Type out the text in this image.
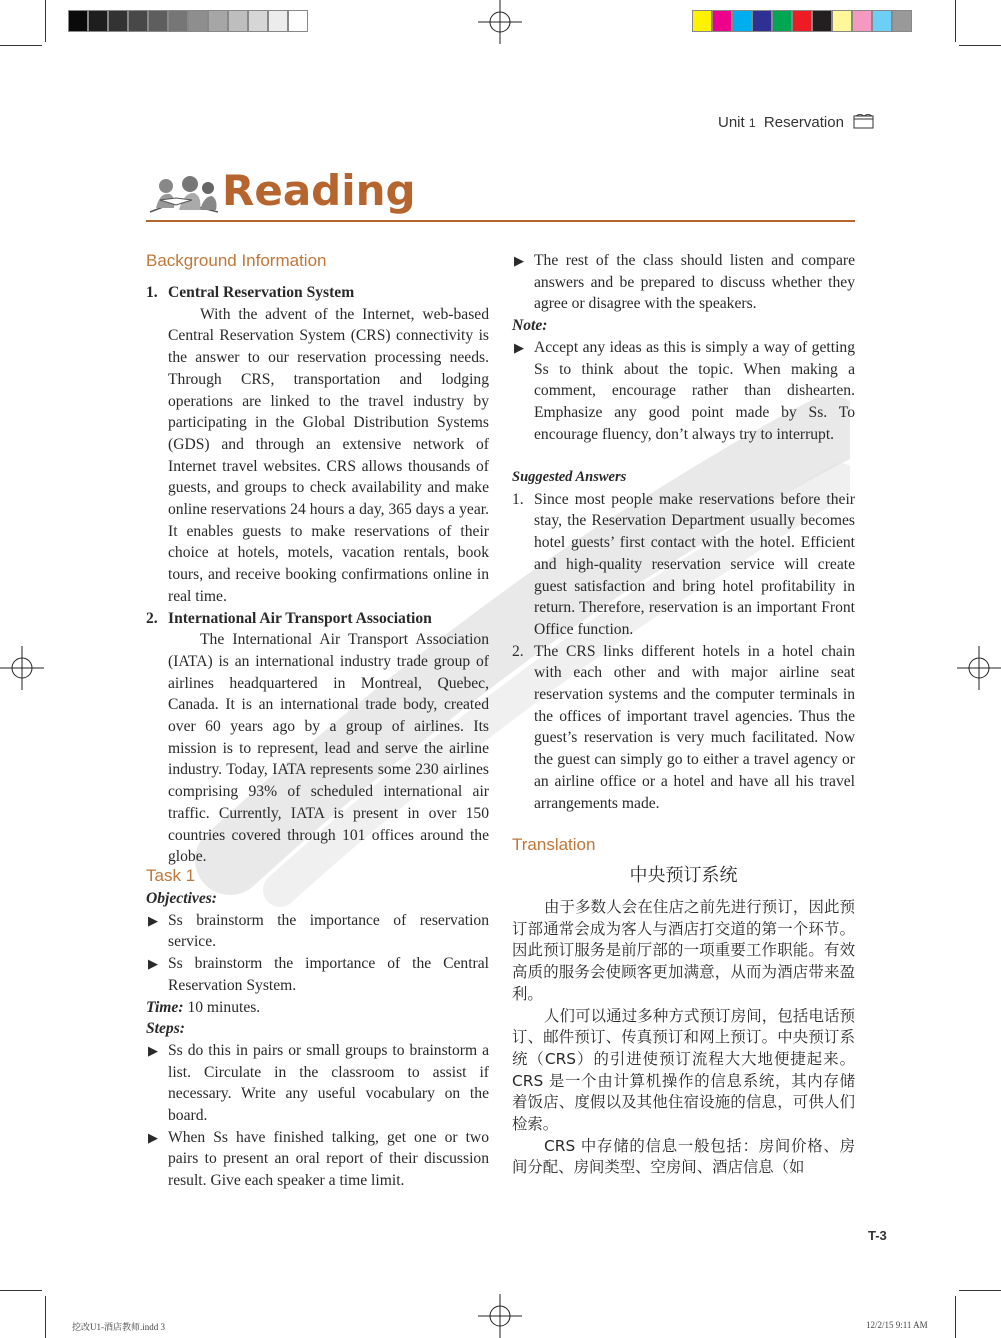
Unit 1 Reservation
Reading
Background Information
1. Central Reservation System

With the advent of the Internet, web-based Central Reservation System (CRS) connectivity is the answer to our reservation processing needs. Through CRS, transportation and lodging operations are linked to the travel industry by participating in the Global Distribution Systems (GDS) and through an extensive network of Internet travel websites. CRS allows thousands of guests, and groups to check availability and make online reservations 24 hours a day, 365 days a year. It enables guests to make reservations of their choice at hotels, motels, vacation rentals, book tours, and receive booking confirmations online in real time.

2. International Air Transport Association

The International Air Transport Association (IATA) is an international industry trade group of airlines headquartered in Montreal, Quebec, Canada. It is an international trade body, created over 60 years ago by a group of airlines. Its mission is to represent, lead and serve the airline industry. Today, IATA represents some 230 airlines comprising 93% of scheduled international air traffic. Currently, IATA is present in over 150 countries covered through 101 offices around the globe.

Task 1

Objectives:

▶ Ss brainstorm the importance of reservation service.

▶ Ss brainstorm the importance of the Central Reservation System.

Time: 10 minutes.

Steps:

▶ Ss do this in pairs or small groups to brainstorm a list. Circulate in the classroom to assist if necessary. Write any useful vocabulary on the board.

▶ When Ss have finished talking, get one or two pairs to present an oral report of their discussion result. Give each speaker a time limit.

▶ The rest of the class should listen and compare answers and be prepared to discuss whether they agree or disagree with the speakers.

Note:

▶ Accept any ideas as this is simply a way of getting Ss to think about the topic. When making a comment, encourage rather than dishearten. Emphasize any good point made by Ss. To encourage fluency, don’t always try to interrupt.

Suggested Answers

1. Since most people make reservations before their stay, the Reservation Department usually becomes hotel guests’ first contact with the hotel. Efficient and high-quality reservation service will create guest satisfaction and bring hotel profitability in return. Therefore, reservation is an important Front Office function.

2. The CRS links different hotels in a hotel chain with each other and with major airline seat reservation systems and the computer terminals in the offices of important travel agencies. Thus the guest’s reservation is very much facilitated. Now the guest can simply go to either a travel agency or an airline office or a hotel and have all his travel arrangements made.

Translation

中央预订系统

由于多数人会在住店之前先进行预订，因此预订部通常会成为客人与酒店打交道的第一个环节。因此预订服务是前厅部的一项重要工作职能。有效高质的服务会使顾客更加满意，从而为酒店带来盈利。

人们可以通过多种方式预订房间，包括电话预订、邮件预订、传真预订和网上预订。中央预订系统（CRS）的引进使预订流程大大地便捷起来。CRS 是一个由计算机操作的信息系统，其内存储着饭店、度假以及其他住宿设施的信息，可供人们检索。

CRS 中存储的信息一般包括：房间价格、房间分配、房间类型、空房间、酒店信息（如

T-3
挖改U1-酒店教师.indd 3	12/2/15 9:11 AM
